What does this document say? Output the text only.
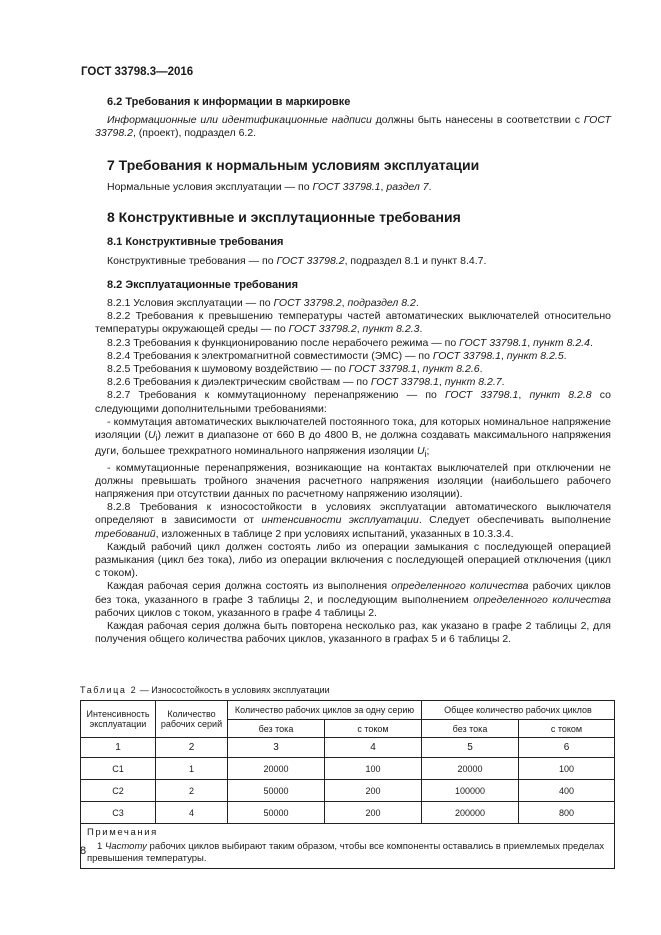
ГОСТ 33798.3—2016
6.2 Требования к информации в маркировке

Информационные или идентификационные надписи должны быть нанесены в соответствии с ГОСТ 33798.2, (проект), подраздел 6.2.

7 Требования к нормальным условиям эксплуатации

Нормальные условия эксплуатации — по ГОСТ 33798.1, раздел 7.

8 Конструктивные и эксплутационные требования
8.1 Конструктивные требования

Конструктивные требования — по ГОСТ 33798.2, подраздел 8.1 и пункт 8.4.7.

8.2 Эксплуатационные требования

8.2.1 Условия эксплуатации — по ГОСТ 33798.2, подраздел 8.2.

8.2.2 Требования к превышению температуры частей автоматических выключателей относительно температуры окружающей среды — по ГОСТ 33798.2, пункт 8.2.3.

8.2.3 Требования к функционированию после нерабочего режима — по ГОСТ 33798.1, пункт 8.2.4.

8.2.4 Требования к электромагнитной совместимости (ЭМС) — по ГОСТ 33798.1, пункт 8.2.5.

8.2.5 Требования к шумовому воздействию — по ГОСТ 33798.1, пункт 8.2.6.

8.2.6 Требования к диэлектрическим свойствам — по ГОСТ 33798.1, пункт 8.2.7.

8.2.7 Требования к коммутационному перенапряжению — по ГОСТ 33798.1, пункт 8.2.8 со следующими дополнительными требованиями:

- коммутация автоматических выключателей постоянного тока, для которых номинальное напряжение изоляции $(U_i)$ лежит в диапазоне от 660 В до 4800 В, не должна создавать максимального напряжения дуги, большее трехкратного номинального напряжения изоляции $U_i$;

- коммутационные перенапряжения, возникающие на контактах выключателей при отключении не должны превышать тройного значения расчетного напряжения изоляции (наибольшего рабочего напряжения при отсутствии данных по расчетному напряжению изоляции).

8.2.8 Требования к износостойкости в условиях эксплуатации автоматического выключателя определяют в зависимости от интенсивности эксплуатации. Следует обеспечивать выполнение требований, изложенных в таблице 2 при условиях испытаний, указанных в 10.3.3.4.

Каждый рабочий цикл должен состоять либо из операции замыкания с последующей операцией размыкания (цикл без тока), либо из операции включения с последующей операцией отключения (цикл с током).

Каждая рабочая серия должна состоять из выполнения определенного количества рабочих циклов без тока, указанного в графе 3 таблицы 2, и последующим выполнением определенного количества рабочих циклов с током, указанного в графе 4 таблицы 2.

Каждая рабочая серия должна быть повторена несколько раз, как указано в графе 2 таблицы 2, для получения общего количества рабочих циклов, указанного в графах 5 и 6 таблицы 2.

Таблица 2 — Износостойкость в условиях эксплуатации
Интенсивность эксплуатации	Количество рабочих серий	Количество рабочих циклов за одну серию		Общее количество рабочих циклов	
		без тока	с током	без тока	с током
1	2	3	4	5	6
С1	1	20000	100	20000	100
С2	2	50000	200	100000	400
С3	4	50000	200	200000	800

Примечания
1 Частоту рабочих циклов выбирают таким образом, чтобы все компоненты оставались в приемлемых пределах превышения температуры.					
8
